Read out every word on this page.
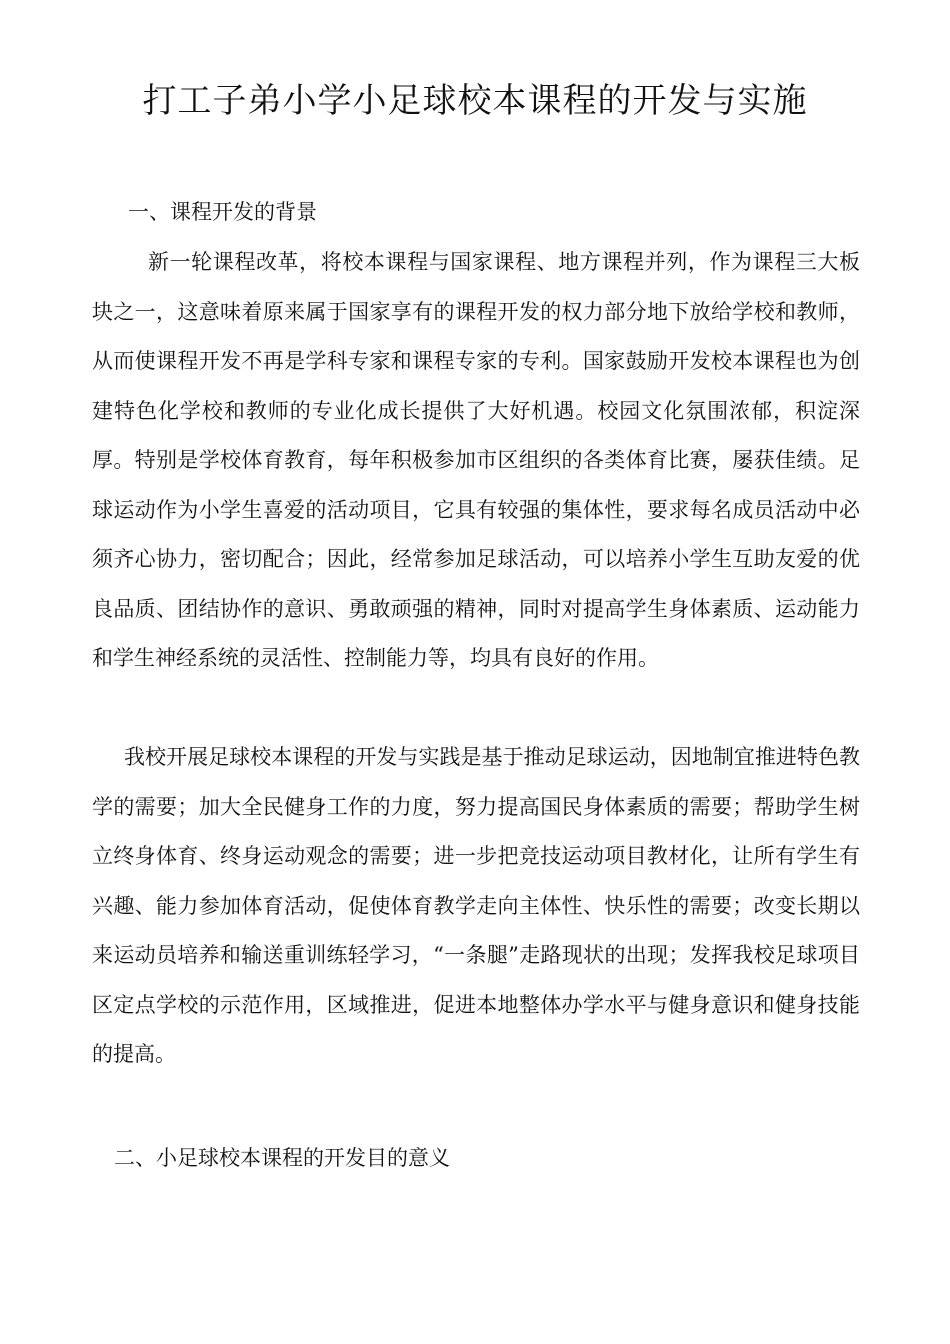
打工子弟小学小足球校本课程的开发与实施
一、课程开发的背景

新一轮课程改革，将校本课程与国家课程、地方课程并列，作为课程三大板块之一，这意味着原来属于国家享有的课程开发的权力部分地下放给学校和教师，从而使课程开发不再是学科专家和课程专家的专利。国家鼓励开发校本课程也为创建特色化学校和教师的专业化成长提供了大好机遇。校园文化氛围浓郁，积淀深厚。特别是学校体育教育，每年积极参加市区组织的各类体育比赛，屡获佳绩。足球运动作为小学生喜爱的活动项目，它具有较强的集体性，要求每名成员活动中必须齐心协力，密切配合；因此，经常参加足球活动，可以培养小学生互助友爱的优良品质、团结协作的意识、勇敢顽强的精神，同时对提高学生身体素质、运动能力和学生神经系统的灵活性、控制能力等，均具有良好的作用。

我校开展足球校本课程的开发与实践是基于推动足球运动，因地制宜推进特色教学的需要；加大全民健身工作的力度，努力提高国民身体素质的需要；帮助学生树立终身体育、终身运动观念的需要；进一步把竞技运动项目教材化，让所有学生有兴趣、能力参加体育活动，促使体育教学走向主体性、快乐性的需要；改变长期以来运动员培养和输送重训练轻学习，“一条腿”走路现状的出现；发挥我校足球项目区定点学校的示范作用，区域推进，促进本地整体办学水平与健身意识和健身技能的提高。

二、小足球校本课程的开发目的意义
